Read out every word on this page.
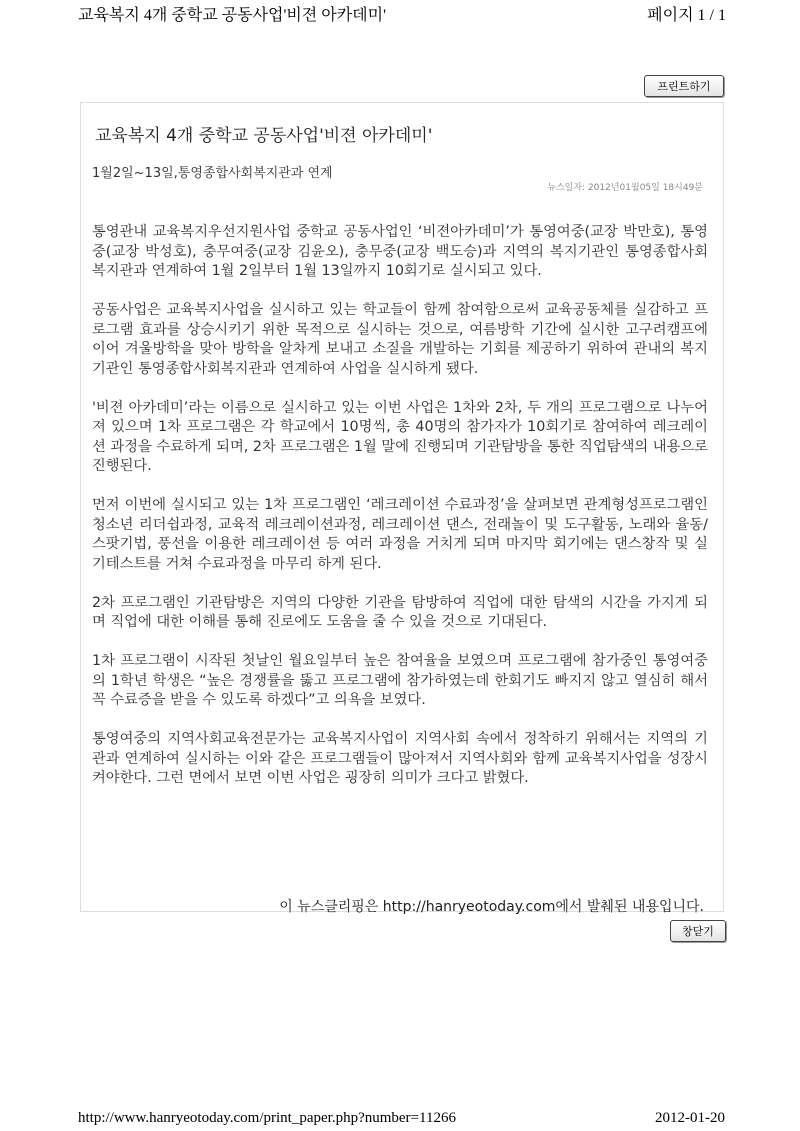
교육복지 4개 중학교 공동사업'비젼 아카데미'	페이지 1 / 1
프린트하기
교육복지 4개 중학교 공동사업'비젼 아카데미'
1월2일~13일,통영종합사회복지관과 연계
뉴스일자: 2012년01월05일 18시49분

통영관내 교육복지우선지원사업 중학교 공동사업인 ‘비젼아카데미’가 통영여중(교장 박만호), 통영중(교장 박성호), 충무여중(교장 김윤오), 충무중(교장 백도승)과 지역의 복지기관인 통영종합사회복지관과 연계하여 1월 2일부터 1월 13일까지 10회기로 실시되고 있다.

공동사업은 교육복지사업을 실시하고 있는 학교들이 함께 참여함으로써 교육공동체를 실감하고 프로그램 효과를 상승시키기 위한 목적으로 실시하는 것으로, 여름방학 기간에 실시한 고구려캠프에 이어 겨울방학을 맞아 방학을 알차게 보내고 소질을 개발하는 기회를 제공하기 위하여 관내의 복지기관인 통영종합사회복지관과 연계하여 사업을 실시하게 됐다.

'비젼 아카데미’라는 이름으로 실시하고 있는 이번 사업은 1차와 2차, 두 개의 프로그램으로 나누어져 있으며 1차 프로그램은 각 학교에서 10명씩, 총 40명의 참가자가 10회기로 참여하여 레크레이션 과정을 수료하게 되며, 2차 프로그램은 1월 말에 진행되며 기관탐방을 통한 직업탐색의 내용으로 진행된다.

먼저 이번에 실시되고 있는 1차 프로그램인 ‘레크레이션 수료과정’을 살펴보면 관계형성프로그램인 청소년 리더쉽과정, 교육적 레크레이션과정, 레크레이션 댄스, 전래놀이 및 도구활동, 노래와 율동/스팟기법, 풍선을 이용한 레크레이션 등 여러 과정을 거치게 되며 마지막 회기에는 댄스창작 및 실기테스트를 거쳐 수료과정을 마무리 하게 된다.

2차 프로그램인 기관탐방은 지역의 다양한 기관을 탐방하여 직업에 대한 탐색의 시간을 가지게 되며 직업에 대한 이해를 통해 진로에도 도움을 줄 수 있을 것으로 기대된다.

1차 프로그램이 시작된 첫날인 월요일부터 높은 참여율을 보였으며 프로그램에 참가중인 통영여중의 1학년 학생은 “높은 경쟁률을 뚫고 프로그램에 참가하였는데 한회기도 빠지지 않고 열심히 해서 꼭 수료증을 받을 수 있도록 하겠다”고 의욕을 보였다.

통영여중의 지역사회교육전문가는 교육복지사업이 지역사회 속에서 정착하기 위해서는 지역의 기관과 연계하여 실시하는 이와 같은 프로그램들이 많아져서 지역사회와 함께 교육복지사업을 성장시켜야한다. 그런 면에서 보면 이번 사업은 굉장히 의미가 크다고 밝혔다.

이 뉴스클리핑은 http://hanryeotoday.com에서 발췌된 내용입니다.
창닫기
http://www.hanryeotoday.com/print_paper.php?number=11266	2012-01-20
